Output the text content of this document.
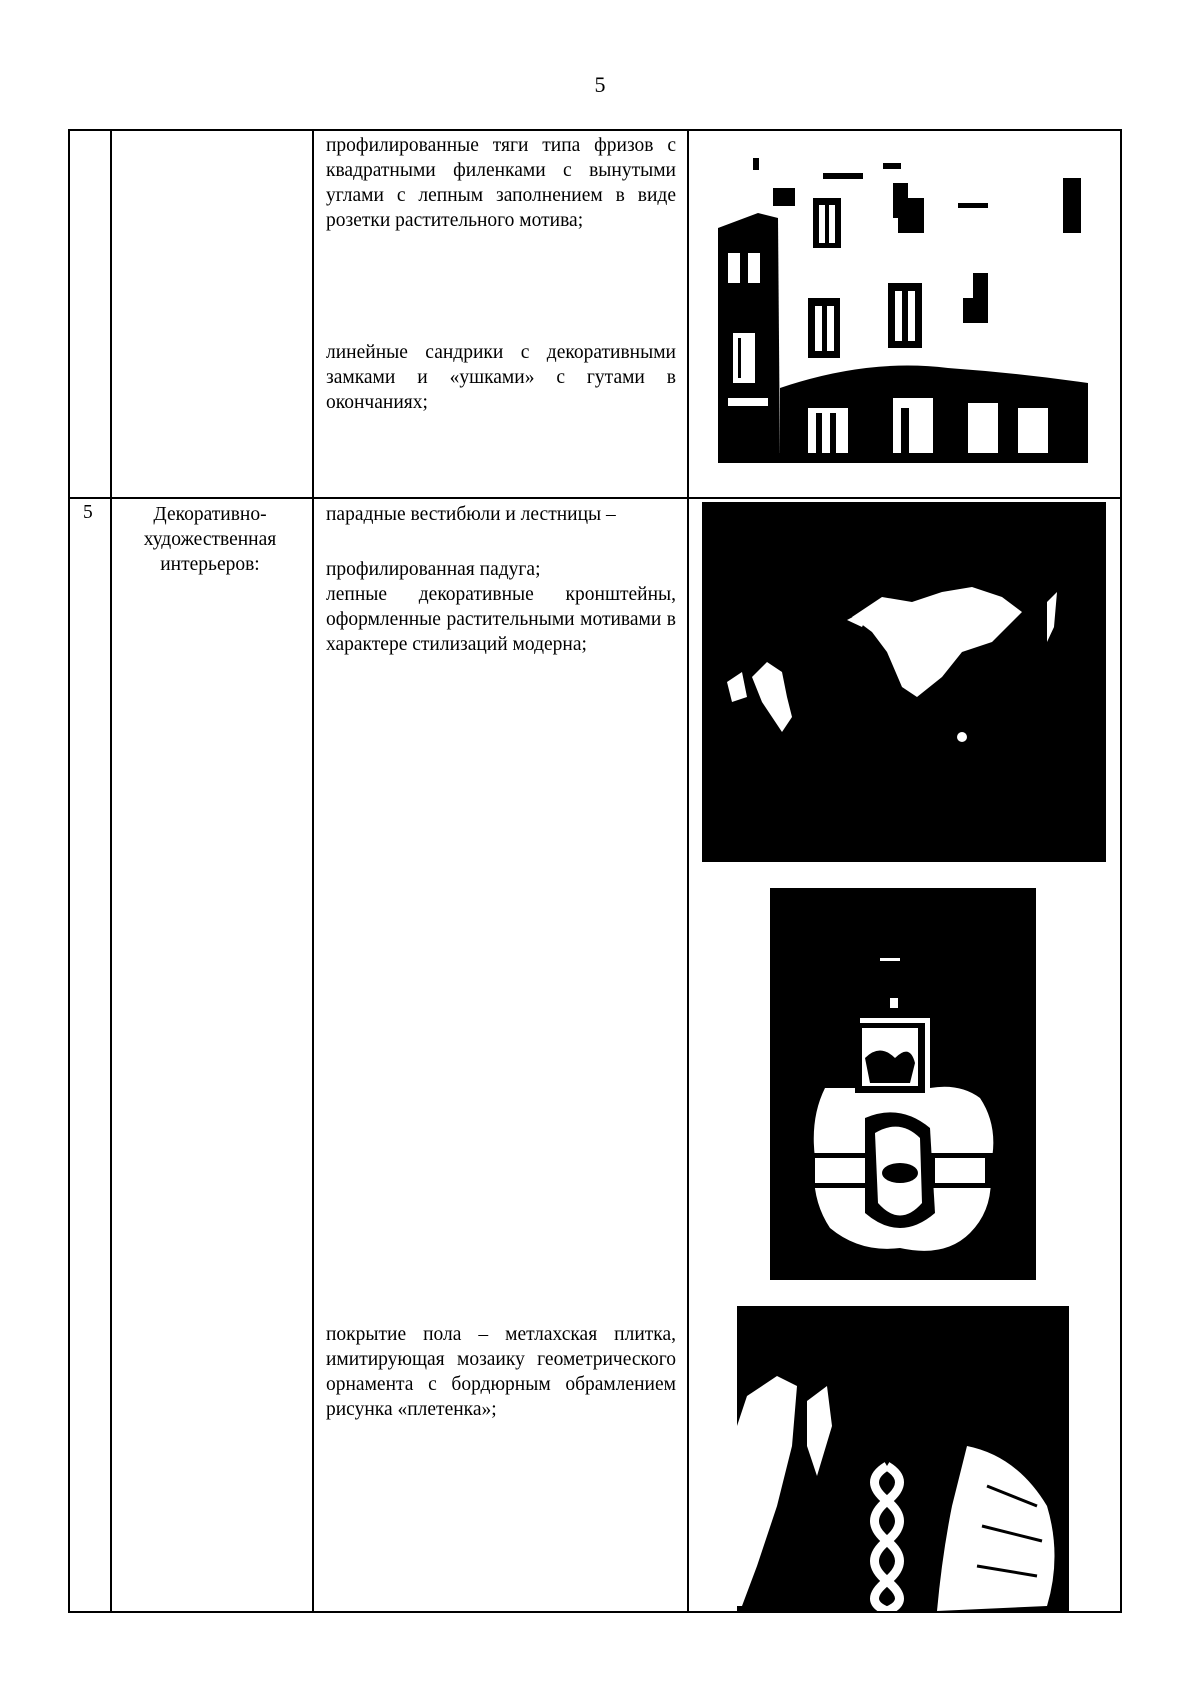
5

профилированные тяги типа фризов с квадратными филенками с вынутыми углами с лепным заполнением в виде розетки растительного мотива;

линейные сандрики с декоративными замками и «ушками» с гутами в окончаниях;

5	Декоративно-художественная интерьеров:

парадные вестибюли и лестницы –

профилированная падуга;

лепные декоративные кронштейны, оформленные растительными мотивами в характере стилизаций модерна;

покрытие пола – метлахская плитка, имитирующая мозаику геометрического орнамента с бордюрным обрамлением рисунка «плетенка»;
